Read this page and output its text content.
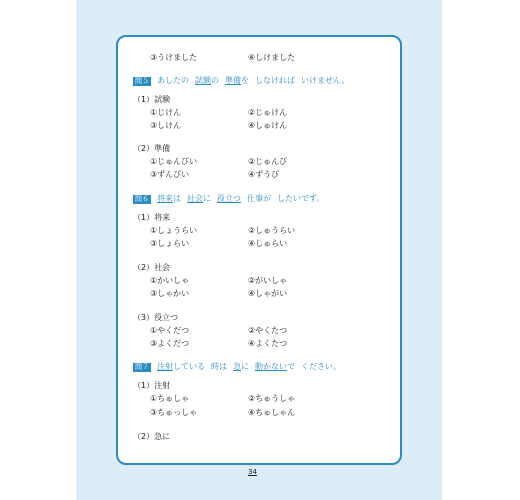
③うけました	④しけました
問５ あしたの 試験 の 準備 を しなければ いけません。
（1）試験
①じけん	②じゅけん
③しけん	④しゅけん
（2）準備
①じゅんびい	②じゅんび
③ずんびい	④ずうび
問６ 将来 は 社会 に 役立つ 仕事が したいです。
（1）将来
①しょうらい	②しゅうらい
③しょらい	④しゅらい
（2）社会
①かいしゃ	②がいしゃ
③しゃかい	④しゃがい
（3）役立つ
①やくだつ	②やくたつ
③よくだつ	④よくたつ
問７ 注射 している 時は 急 に 動かない で ください。
（1）注射
①ちゅしゃ	②ちゅうしゃ
③ちゅっしゃ	④ちゅしゃん
（2）急に
34
